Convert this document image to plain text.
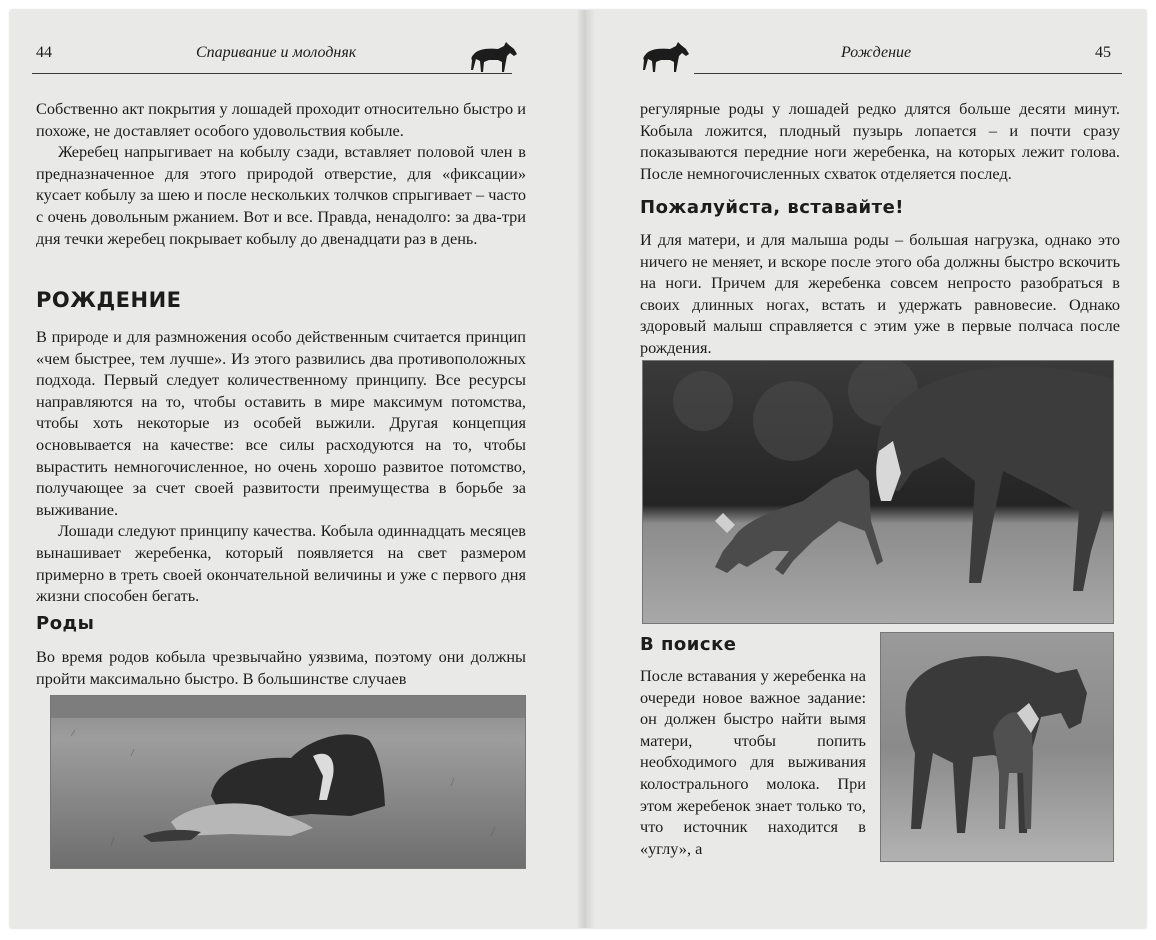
44	Спаривание и молодняк

Собственно акт покрытия у лошадей проходит относительно быстро и похоже, не доставляет особого удовольствия кобыле.

Жеребец напрыгивает на кобылу сзади, вставляет половой член в предназначенное для этого природой отверстие, для «фиксации» кусает кобылу за шею и после нескольких толчков спрыгивает – часто с очень довольным ржанием. Вот и все. Правда, ненадолго: за два-три дня течки жеребец покрывает кобылу до двенадцати раз в день.

РОЖДЕНИЕ

В природе и для размножения особо действенным считается принцип «чем быстрее, тем лучше». Из этого развились два противоположных подхода. Первый следует количественному принципу. Все ресурсы направляются на то, чтобы оставить в мире максимум потомства, чтобы хоть некоторые из особей выжили. Другая концепция основывается на качестве: все силы расходуются на то, чтобы вырастить немногочисленное, но очень хорошо развитое потомство, получающее за счет своей развитости преимущества в борьбе за выживание.

Лошади следуют принципу качества. Кобыла одиннадцать месяцев вынашивает жеребенка, который появляется на свет размером примерно в треть своей окончательной величины и уже с первого дня жизни способен бегать.

Роды

Во время родов кобыла чрезвычайно уязвима, поэтому они должны пройти максимально быстро. В большинстве случаев

Рождение	45

регулярные роды у лошадей редко длятся больше десяти минут. Кобыла ложится, плодный пузырь лопается – и почти сразу показываются передние ноги жеребенка, на которых лежит голова. После немногочисленных схваток отделяется послед.

Пожалуйста, вставайте!

И для матери, и для малыша роды – большая нагрузка, однако это ничего не меняет, и вскоре после этого оба должны быстро вскочить на ноги. Причем для жеребенка совсем непросто разобраться в своих длинных ногах, встать и удержать равновесие. Однако здоровый малыш справляется с этим уже в первые полчаса после рождения.

В поиске

После вставания у жеребенка на очереди новое важное задание: он должен быстро найти вымя матери, чтобы попить необходимого для выживания колострального молока. При этом жеребенок знает только то, что источник находится в «углу», а
